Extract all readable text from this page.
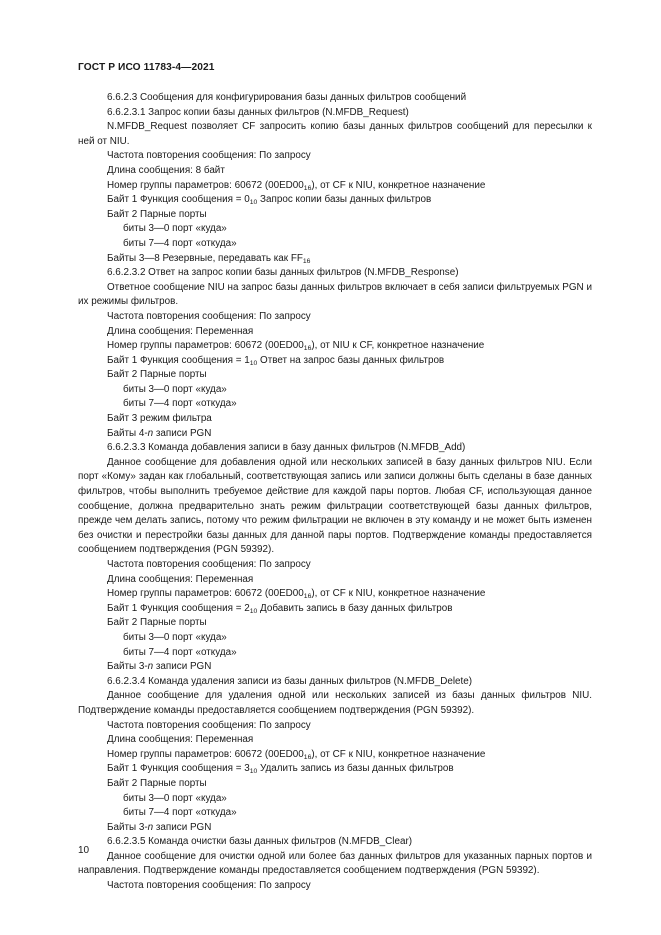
ГОСТ Р ИСО 11783-4—2021

6.6.2.3 Сообщения для конфигурирования базы данных фильтров сообщений

6.6.2.3.1 Запрос копии базы данных фильтров (N.MFDB_Request)

N.MFDB_Request позволяет CF запросить копию базы данных фильтров сообщений для пересылки к ней от NIU.

Частота повторения сообщения: По запросу

Длина сообщения: 8 байт

Номер группы параметров: 60672 $(00ED00_{16})$, от CF к NIU, конкретное назначение

Байт 1 Функция сообщения = $0_{10}$ Запрос копии базы данных фильтров

Байт 2 Парные порты

биты 3—0 порт «куда»

биты 7—4 порт «откуда»

Байты 3—8 Резервные, передавать как $FF_{16}$

6.6.2.3.2 Ответ на запрос копии базы данных фильтров (N.MFDB_Response)

Ответное сообщение NIU на запрос базы данных фильтров включает в себя записи фильтруемых PGN и их режимы фильтров.

Частота повторения сообщения: По запросу

Длина сообщения: Переменная

Номер группы параметров: 60672 $(00ED00_{16})$, от NIU к CF, конкретное назначение

Байт 1 Функция сообщения = $1_{10}$ Ответ на запрос базы данных фильтров

Байт 2 Парные порты

биты 3—0 порт «куда»

биты 7—4 порт «откуда»

Байт 3 режим фильтра

Байты 4-n записи PGN

6.6.2.3.3 Команда добавления записи в базу данных фильтров (N.MFDB_Add)

Данное сообщение для добавления одной или нескольких записей в базу данных фильтров NIU. Если порт «Кому» задан как глобальный, соответствующая запись или записи должны быть сделаны в базе данных фильтров, чтобы выполнить требуемое действие для каждой пары портов. Любая CF, использующая данное сообщение, должна предварительно знать режим фильтрации соответствующей базы данных фильтров, прежде чем делать запись, потому что режим фильтрации не включен в эту команду и не может быть изменен без очистки и перестройки базы данных для данной пары портов. Подтверждение команды предоставляется сообщением подтверждения (PGN 59392).

Частота повторения сообщения: По запросу

Длина сообщения: Переменная

Номер группы параметров: 60672 $(00ED00_{16})$, от CF к NIU, конкретное назначение

Байт 1 Функция сообщения = $2_{10}$ Добавить запись в базу данных фильтров

Байт 2 Парные порты

биты 3—0 порт «куда»

биты 7—4 порт «откуда»

Байты 3-n записи PGN

6.6.2.3.4 Команда удаления записи из базы данных фильтров (N.MFDB_Delete)

Данное сообщение для удаления одной или нескольких записей из базы данных фильтров NIU. Подтверждение команды предоставляется сообщением подтверждения (PGN 59392).

Частота повторения сообщения: По запросу

Длина сообщения: Переменная

Номер группы параметров: 60672 $(00ED00_{16})$, от CF к NIU, конкретное назначение

Байт 1 Функция сообщения = $3_{10}$ Удалить запись из базы данных фильтров

Байт 2 Парные порты

биты 3—0 порт «куда»

биты 7—4 порт «откуда»

Байты 3-n записи PGN

6.6.2.3.5 Команда очистки базы данных фильтров (N.MFDB_Clear)

Данное сообщение для очистки одной или более баз данных фильтров для указанных парных портов и направления. Подтверждение команды предоставляется сообщением подтверждения (PGN 59392).

Частота повторения сообщения: По запросу

10
